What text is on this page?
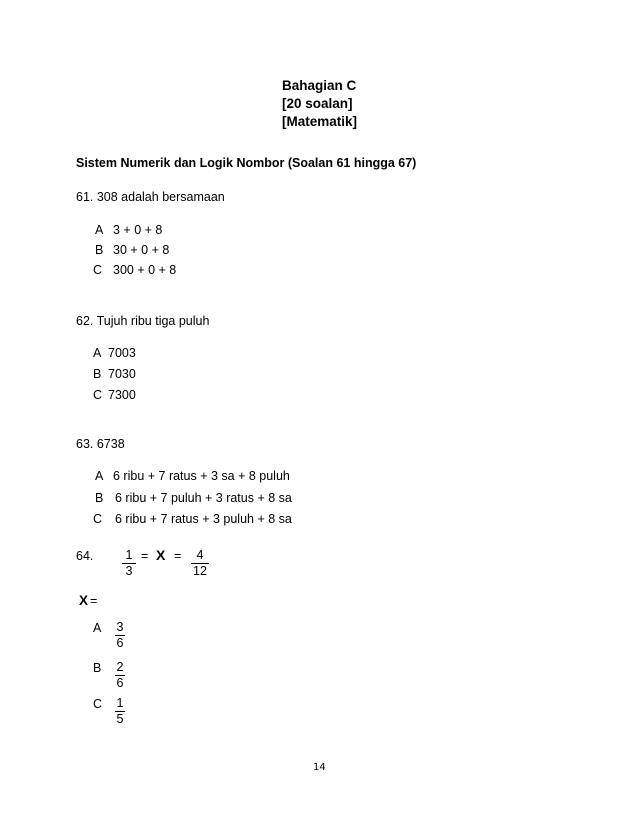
Bahagian C
[20 soalan]
[Matematik]
Sistem Numerik dan Logik Nombor (Soalan 61 hingga 67)
61. 308 adalah bersamaan
A 3 + 0 + 8
B 30 + 0 + 8
C 300 + 0 + 8
62. Tujuh ribu tiga puluh
A 7003
B 7030
C 7300
63. 6738
A 6 ribu + 7 ratus + 3 sa + 8 puluh
B 6 ribu + 7 puluh + 3 ratus + 8 sa
C 6 ribu + 7 ratus + 3 puluh + 8 sa
64. $\frac{1}{3} = X = \frac{4}{12}$
X =
A $\frac{3}{6}$
B $\frac{2}{6}$
C $\frac{1}{5}$
14
